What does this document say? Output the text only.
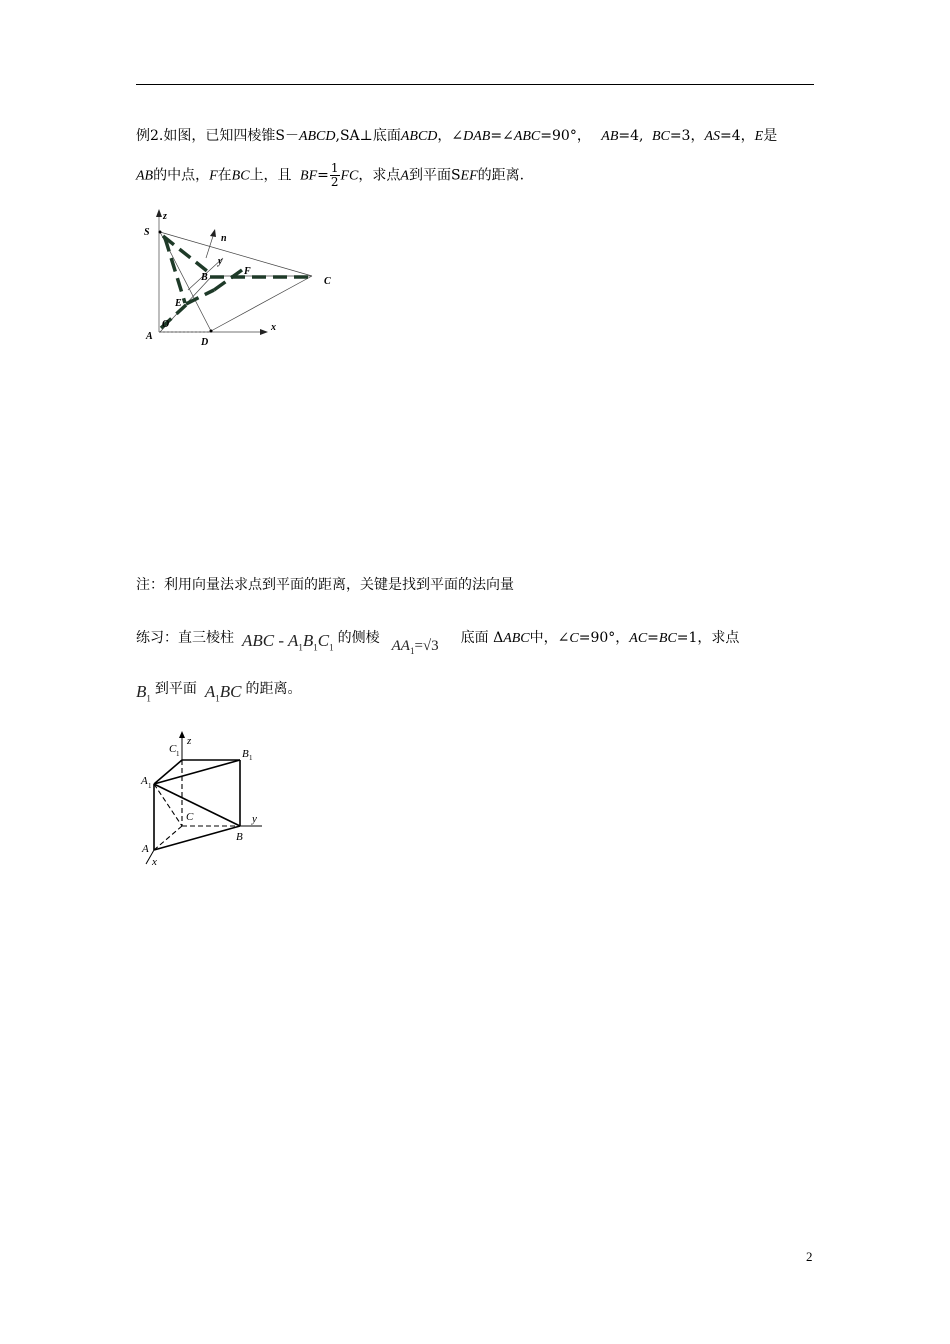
例2.如图，已知四棱锥S－ABCD,SA⊥底面ABCD，∠DAB=∠ABC=90°， AB=4, BC=3，AS=4，E是
AB的中点，F在BC上，且 $BF= \frac{1}{2}$ FC，求点A到平面SEF的距离.
z
S
n
y
B
F
C
E
O
A
D
x
注：利用向量法求点到平面的距离，关键是找到平面的法向量
练习：直三棱柱 ABC - $A_1B_1C_1$的侧棱 $AA_1=√3$ 底面 ΔABC中，∠C=90°，AC=BC=1，求点
$B_1$到平面 $A_1BC$ 的距离。
C 1
z
B 1
A 1
C	y
B
A
x
2
